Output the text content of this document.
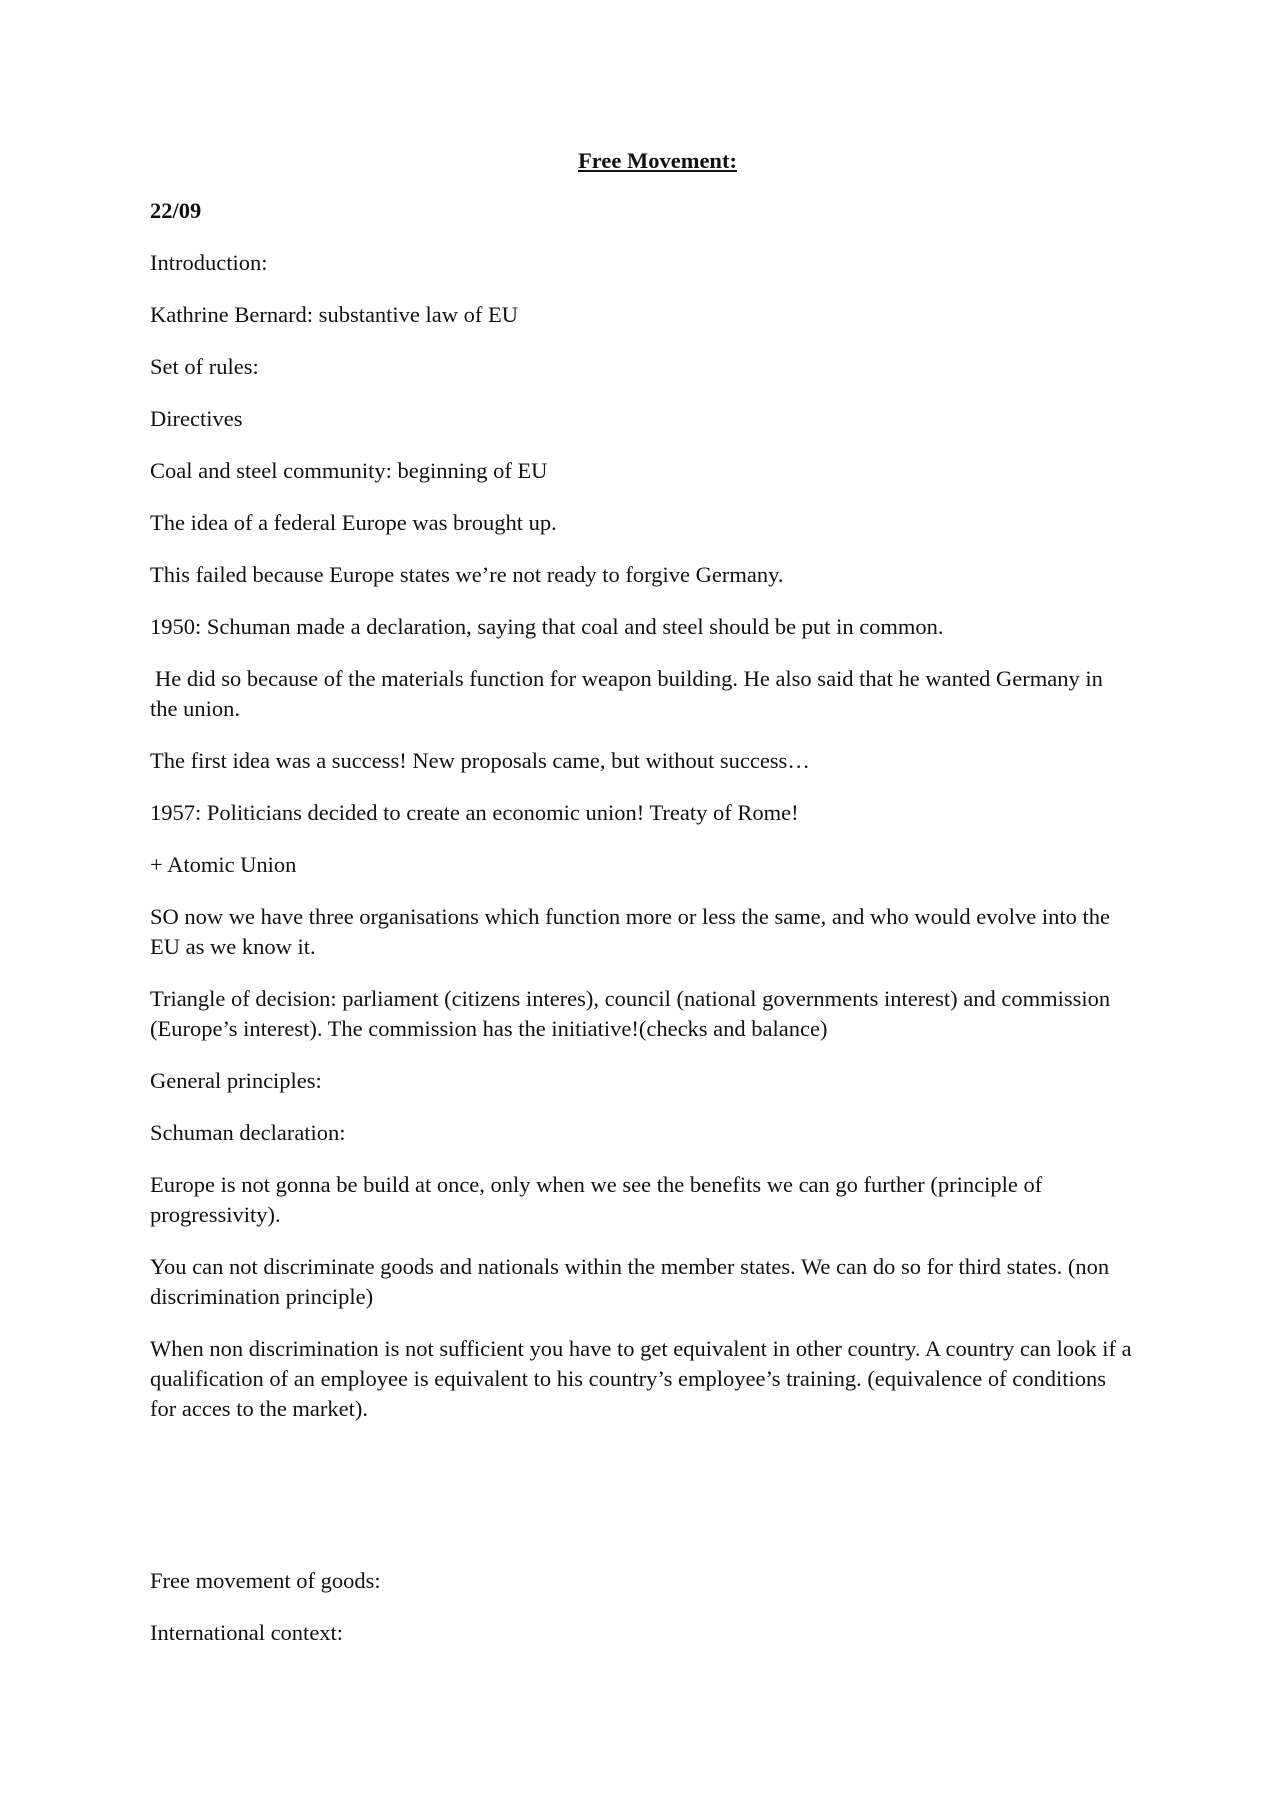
Free Movement:
22/09

Introduction:

Kathrine Bernard: substantive law of EU

Set of rules:

Directives

Coal and steel community: beginning of EU

The idea of a federal Europe was brought up.

This failed because Europe states we’re not ready to forgive Germany.

1950: Schuman made a declaration, saying that coal and steel should be put in common.

He did so because of the materials function for weapon building. He also said that he wanted Germany in the union.

The first idea was a success! New proposals came, but without success…

1957: Politicians decided to create an economic union! Treaty of Rome!

+ Atomic Union

SO now we have three organisations which function more or less the same, and who would evolve into the EU as we know it.

Triangle of decision: parliament (citizens interes), council (national governments interest) and commission (Europe’s interest). The commission has the initiative!(checks and balance)

General principles:

Schuman declaration:

Europe is not gonna be build at once, only when we see the benefits we can go further (principle of progressivity).

You can not discriminate goods and nationals within the member states. We can do so for third states. (non discrimination principle)

When non discrimination is not sufficient you have to get equivalent in other country. A country can look if a qualification of an employee is equivalent to his country’s employee’s training. (equivalence of conditions for acces to the market).

Free movement of goods:

International context:
